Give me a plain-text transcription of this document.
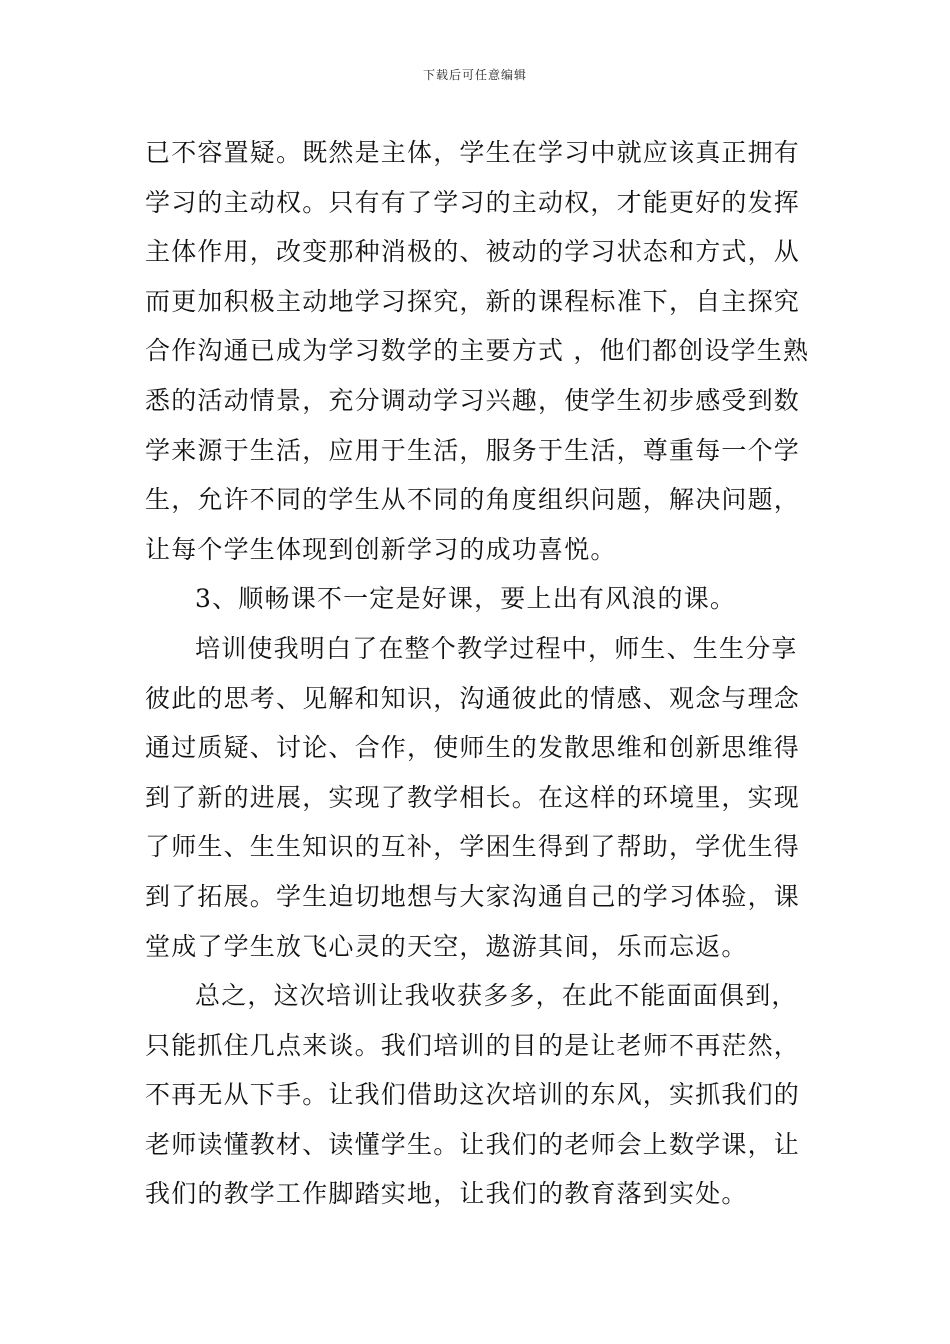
下载后可任意编辑
已不容置疑。既然是主体，学生在学习中就应该真正拥有
学习的主动权。只有有了学习的主动权，才能更好的发挥
主体作用，改变那种消极的、被动的学习状态和方式，从
而更加积极主动地学习探究，新的课程标准下，自主探究
合作沟通已成为学习数学的主要方式 ，他们都创设学生熟
悉的活动情景，充分调动学习兴趣，使学生初步感受到数
学来源于生活，应用于生活，服务于生活，尊重每一个学
生，允许不同的学生从不同的角度组织问题，解决问题，
让每个学生体现到创新学习的成功喜悦。
3、顺畅课不一定是好课，要上出有风浪的课。
培训使我明白了在整个教学过程中，师生、生生分享
彼此的思考、见解和知识，沟通彼此的情感、观念与理念
通过质疑、讨论、合作，使师生的发散思维和创新思维得
到了新的进展，实现了教学相长。在这样的环境里，实现
了师生、生生知识的互补，学困生得到了帮助，学优生得
到了拓展。学生迫切地想与大家沟通自己的学习体验，课
堂成了学生放飞心灵的天空，遨游其间，乐而忘返。
总之，这次培训让我收获多多，在此不能面面俱到，
只能抓住几点来谈。我们培训的目的是让老师不再茫然，
不再无从下手。让我们借助这次培训的东风，实抓我们的
老师读懂教材、读懂学生。让我们的老师会上数学课，让
我们的教学工作脚踏实地，让我们的教育落到实处。
